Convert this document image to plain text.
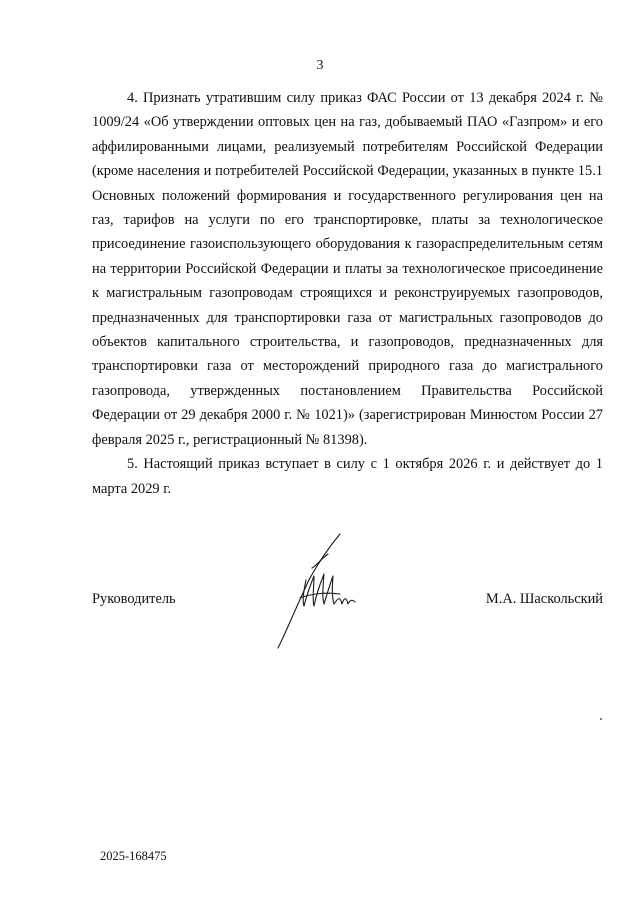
3

4. Признать утратившим силу приказ ФАС России от 13 декабря 2024 г. № 1009/24 «Об утверждении оптовых цен на газ, добываемый ПАО «Газпром» и его аффилированными лицами, реализуемый потребителям Российской Федерации (кроме населения и потребителей Российской Федерации, указанных в пункте 15.1 Основных положений формирования и государственного регулирования цен на газ, тарифов на услуги по его транспортировке, платы за технологическое присоединение газоиспользующего оборудования к газораспределительным сетям на территории Российской Федерации и платы за технологическое присоединение к магистральным газопроводам строящихся и реконструируемых газопроводов, предназначенных для транспортировки газа от магистральных газопроводов до объектов капитального строительства, и газопроводов, предназначенных для транспортировки газа от месторождений природного газа до магистрального газопровода, утвержденных постановлением Правительства Российской Федерации от 29 декабря 2000 г. № 1021)» (зарегистрирован Минюстом России 27 февраля 2025 г., регистрационный № 81398).

5. Настоящий приказ вступает в силу с 1 октября 2026 г. и действует до 1 марта 2029 г.

Руководитель	М.А. Шаскольский
2025-168475
